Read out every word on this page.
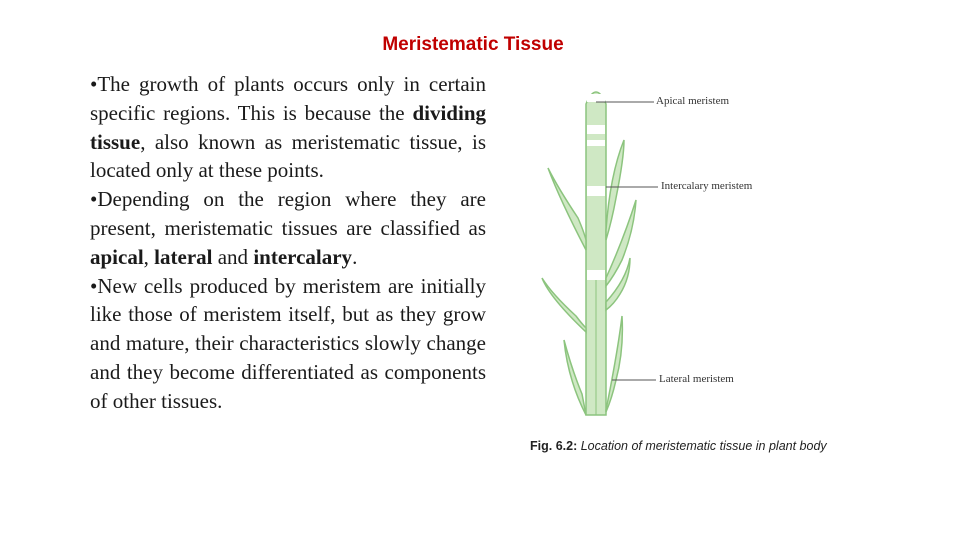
Meristematic Tissue

•The growth of plants occurs only in certain specific regions. This is because the dividing tissue, also known as meristematic tissue, is located only at these points.

•Depending on the region where they are present, meristematic tissues are classified as apical, lateral and intercalary.

•New cells produced by meristem are initially like those of meristem itself, but as they grow and mature, their characteristics slowly change and they become differentiated as components of other tissues.

Apical meristem
Intercalary meristem
Lateral meristem
Fig. 6.2: Location of meristematic tissue in plant body
